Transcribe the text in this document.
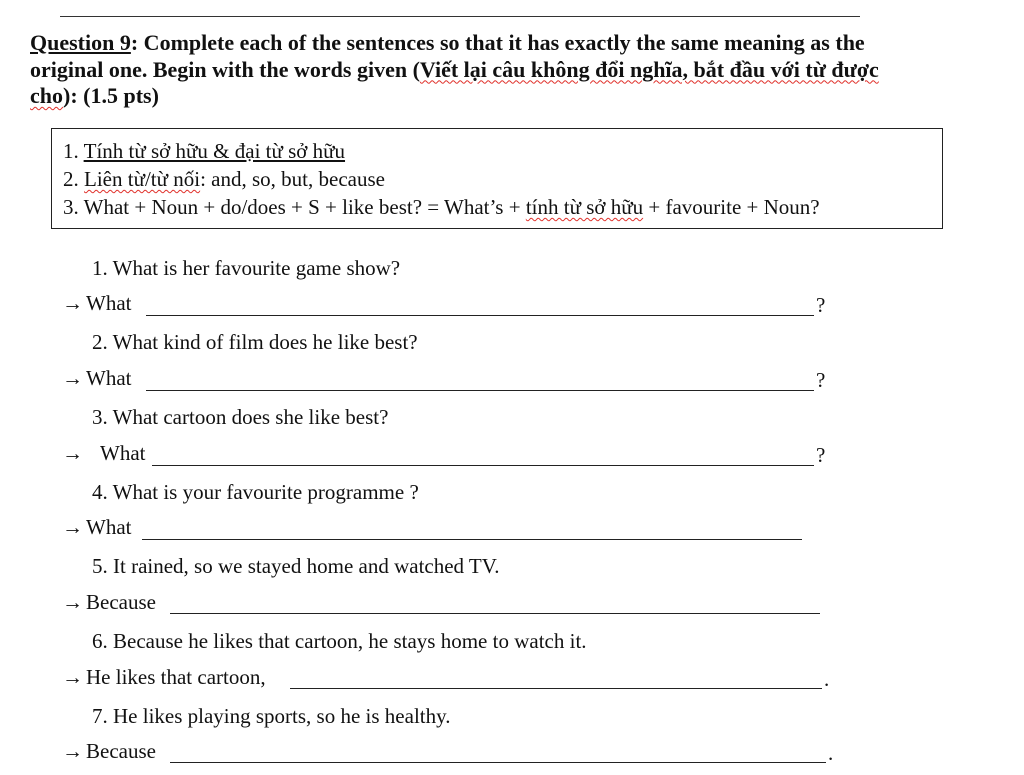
Question 9: Complete each of the sentences so that it has exactly the same meaning as the original one. Begin with the words given (Viết lại câu không đổi nghĩa, bắt đầu với từ được cho): (1.5 pts)
1. Tính từ sở hữu & đại từ sở hữu
2. Liên từ/từ nối: and, so, but, because
3. What + Noun + do/does + S + like best? = What’s + tính từ sở hữu + favourite + Noun?
1. What is her favourite game show?
→ What	?
2. What kind of film does he like best?
→ What	?
3. What cartoon does she like best?
→ What	?
4. What is your favourite programme ?
→ What
5. It rained, so we stayed home and watched TV.
→ Because
6. Because he likes that cartoon, he stays home to watch it.
→ He likes that cartoon,	.
7. He likes playing sports, so he is healthy.
→ Because	.
